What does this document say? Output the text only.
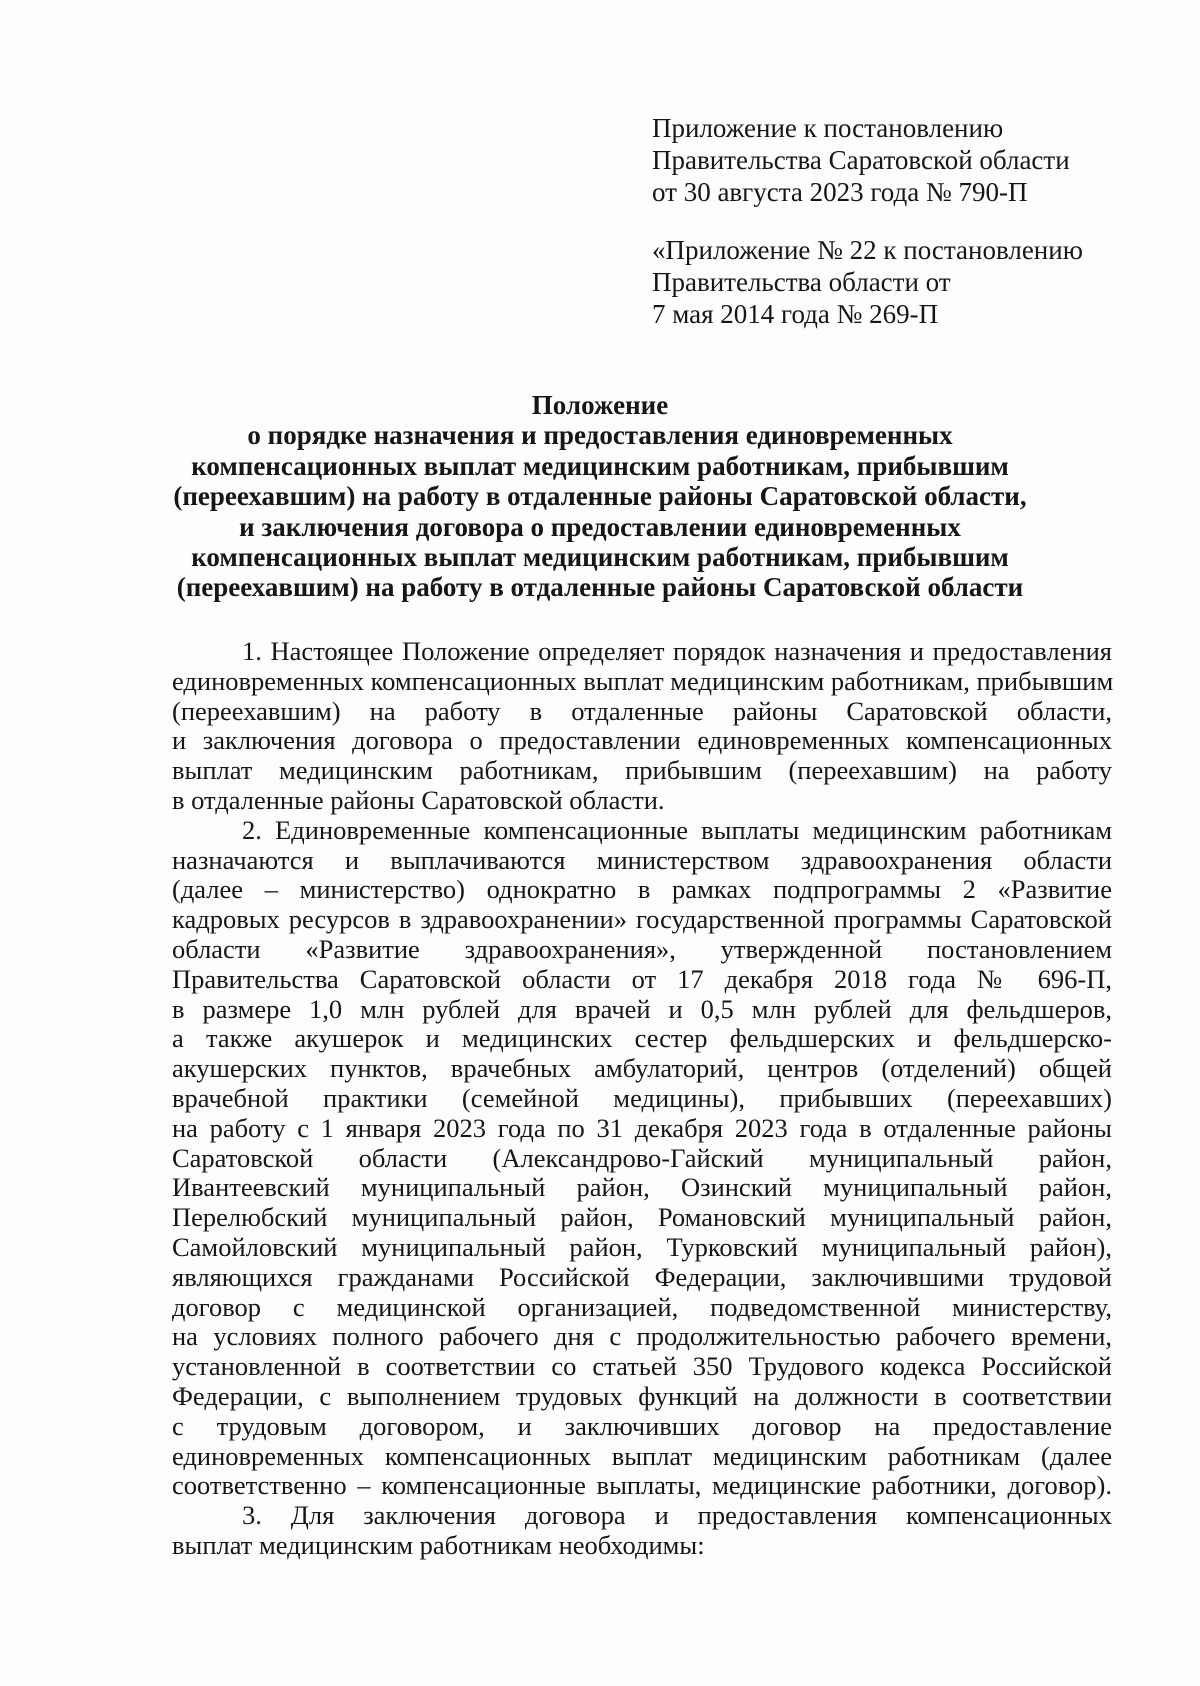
Приложение к постановлению
Правительства Саратовской области
от 30 августа 2023 года № 790-П
«Приложение № 22 к постановлению
Правительства области от
7 мая 2014 года № 269-П
Положение
о порядке назначения и предоставления единовременных
компенсационных выплат медицинским работникам, прибывшим
(переехавшим) на работу в отдаленные районы Саратовской области,
и заключения договора о предоставлении единовременных
компенсационных выплат медицинским работникам, прибывшим
(переехавшим) на работу в отдаленные районы Саратовской области
1. Настоящее Положение определяет порядок назначения и предоставления
единовременных компенсационных выплат медицинским работникам, прибывшим
(переехавшим) на работу в отдаленные районы Саратовской области,
и заключения договора о предоставлении единовременных компенсационных
выплат медицинским работникам, прибывшим (переехавшим) на работу
в отдаленные районы Саратовской области.
2. Единовременные компенсационные выплаты медицинским работникам
назначаются и выплачиваются министерством здравоохранения области
(далее – министерство) однократно в рамках подпрограммы 2 «Развитие
кадровых ресурсов в здравоохранении» государственной программы Саратовской
области «Развитие здравоохранения», утвержденной постановлением
Правительства Саратовской области от 17 декабря 2018 года № 696-П,
в размере 1,0 млн рублей для врачей и 0,5 млн рублей для фельдшеров,
а также акушерок и медицинских сестер фельдшерских и фельдшерско-
акушерских пунктов, врачебных амбулаторий, центров (отделений) общей
врачебной практики (семейной медицины), прибывших (переехавших)
на работу с 1 января 2023 года по 31 декабря 2023 года в отдаленные районы
Саратовской области (Александрово-Гайский муниципальный район,
Ивантеевский муниципальный район, Озинский муниципальный район,
Перелюбский муниципальный район, Романовский муниципальный район,
Самойловский муниципальный район, Турковский муниципальный район),
являющихся гражданами Российской Федерации, заключившими трудовой
договор с медицинской организацией, подведомственной министерству,
на условиях полного рабочего дня с продолжительностью рабочего времени,
установленной в соответствии со статьей 350 Трудового кодекса Российской
Федерации, с выполнением трудовых функций на должности в соответствии
с трудовым договором, и заключивших договор на предоставление
единовременных компенсационных выплат медицинским работникам (далее
соответственно – компенсационные выплаты, медицинские работники, договор).
3. Для заключения договора и предоставления компенсационных
выплат медицинским работникам необходимы:
